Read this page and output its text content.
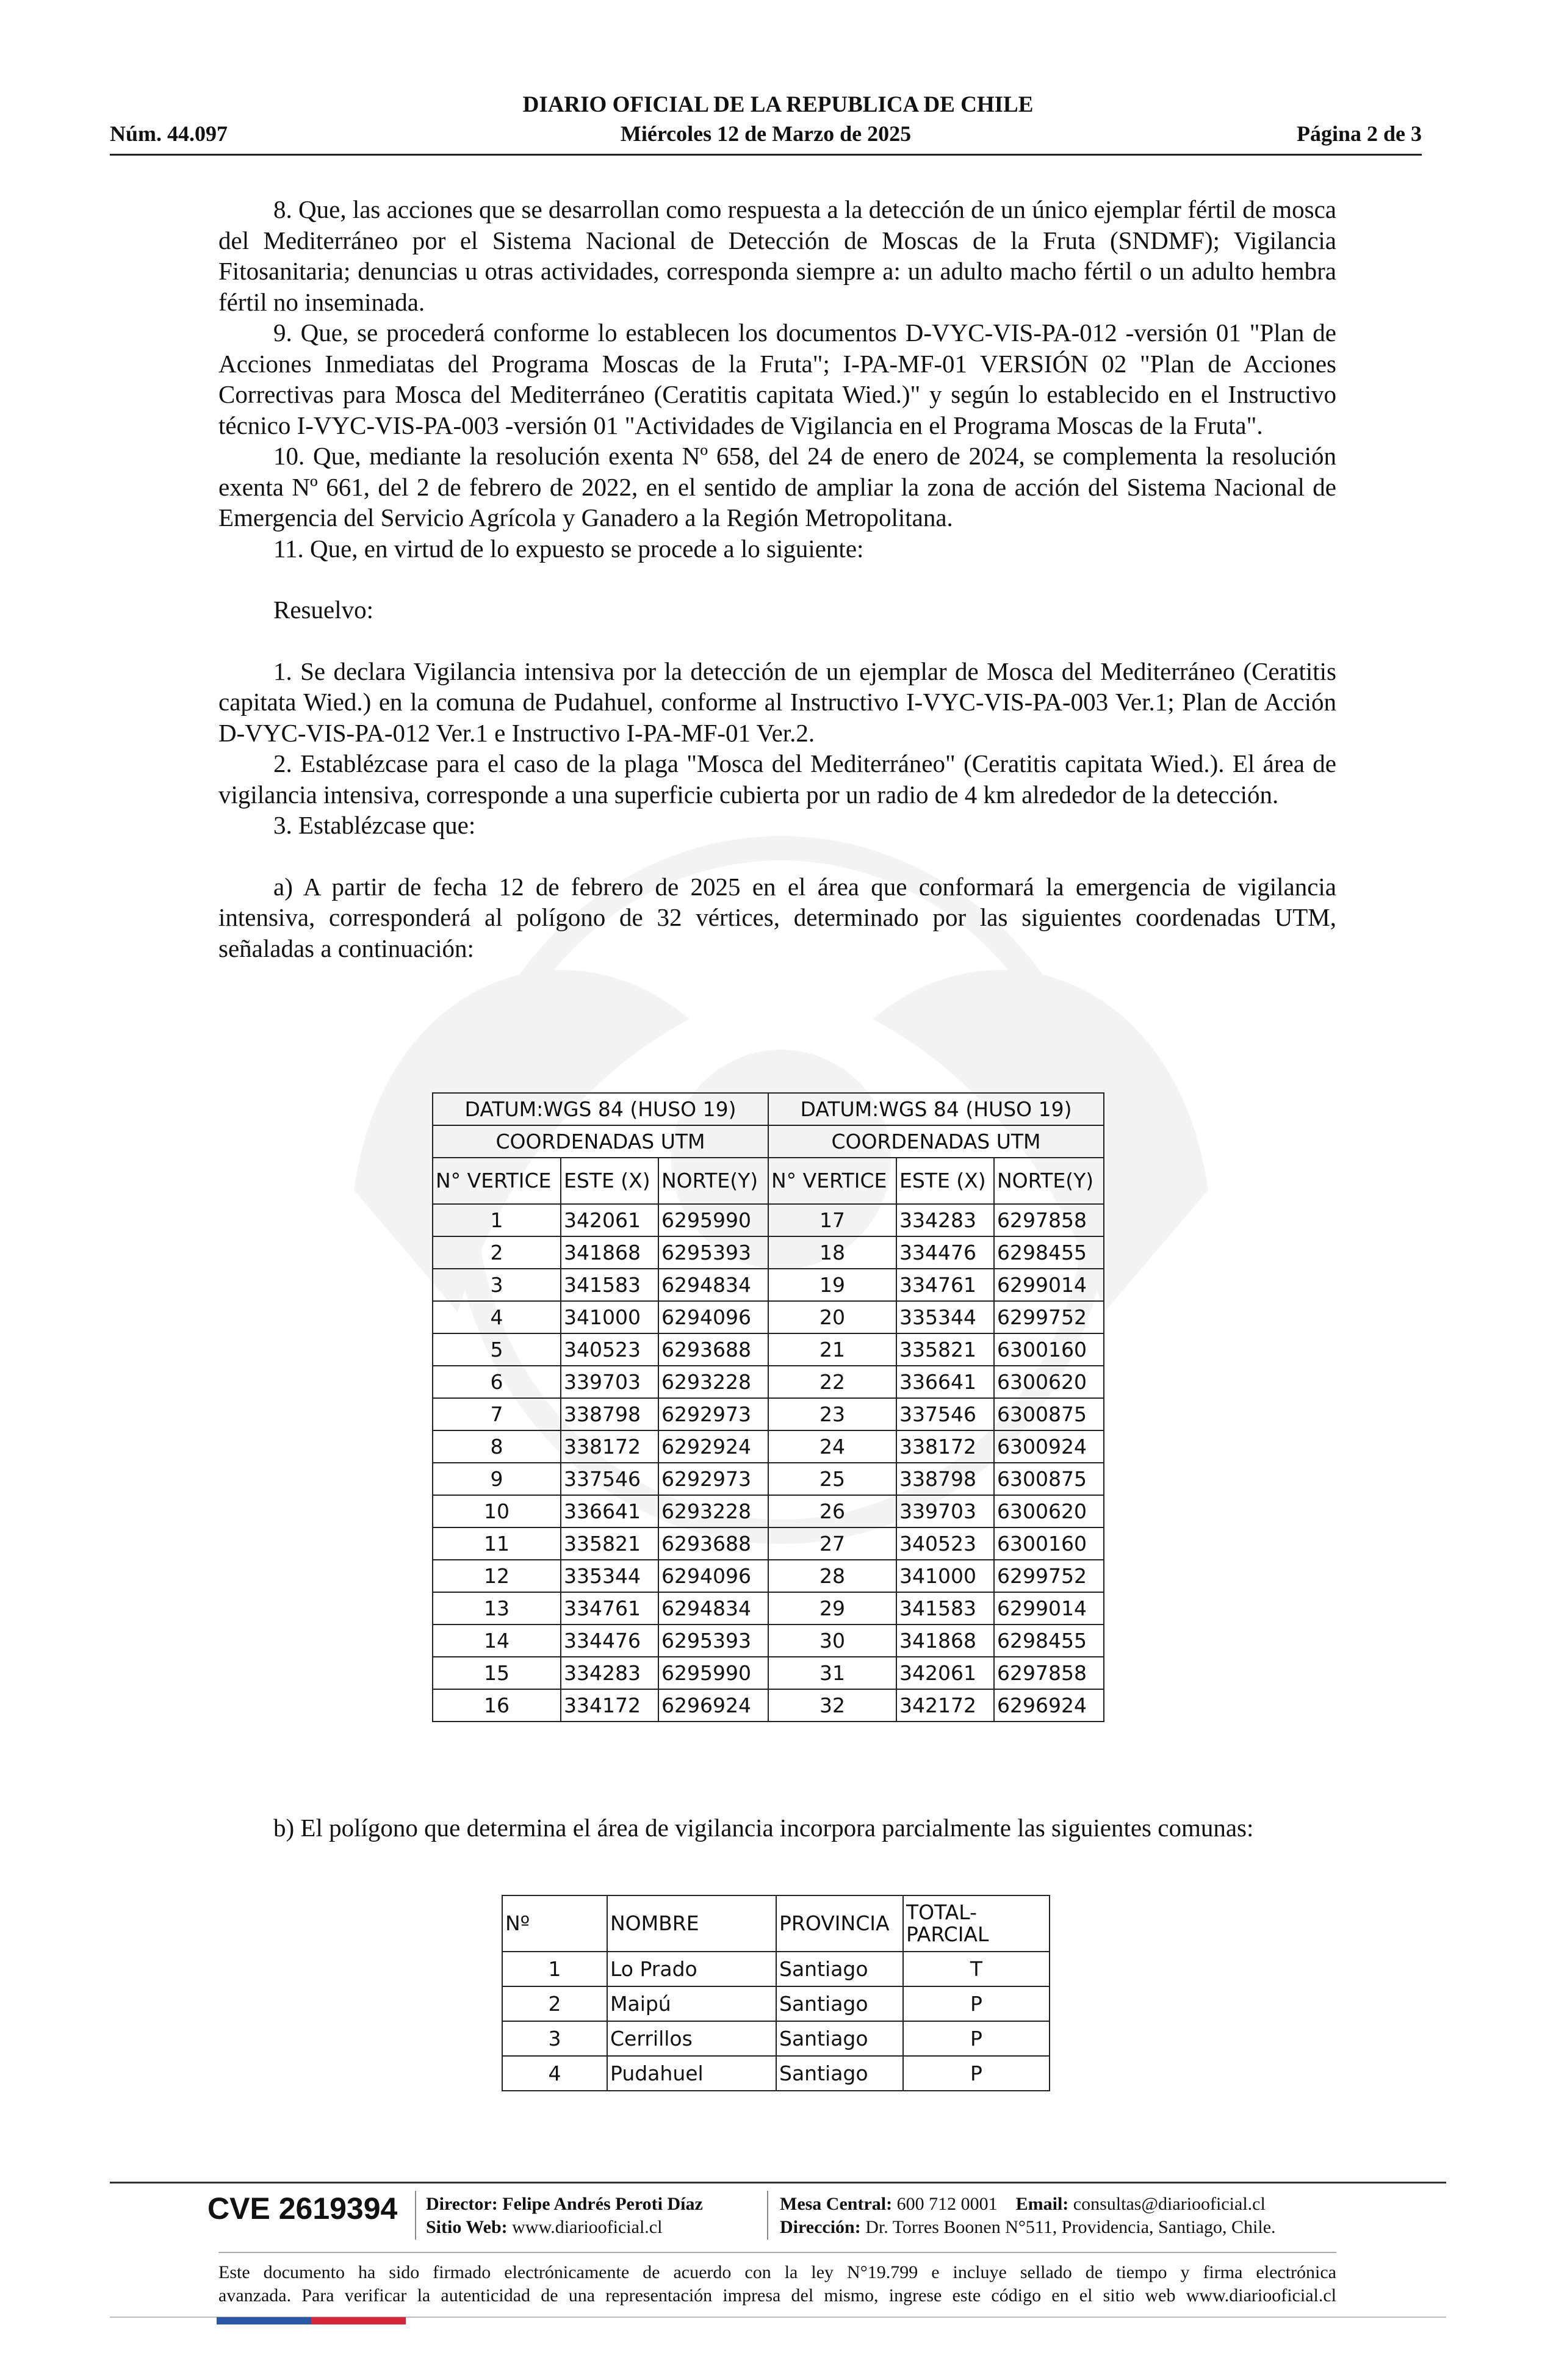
DIARIO OFICIAL DE LA REPUBLICA DE CHILE
Núm. 44.097	Miércoles 12 de Marzo de 2025	Página 2 de 3

8. Que, las acciones que se desarrollan como respuesta a la detección de un único ejemplar fértil de mosca del Mediterráneo por el Sistema Nacional de Detección de Moscas de la Fruta (SNDMF); Vigilancia Fitosanitaria; denuncias u otras actividades, corresponda siempre a: un adulto macho fértil o un adulto hembra fértil no inseminada.

9. Que, se procederá conforme lo establecen los documentos D-VYC-VIS-PA-012 -versión 01 "Plan de Acciones Inmediatas del Programa Moscas de la Fruta"; I-PA-MF-01 VERSIÓN 02 "Plan de Acciones Correctivas para Mosca del Mediterráneo (Ceratitis capitata Wied.)" y según lo establecido en el Instructivo técnico I-VYC-VIS-PA-003 -versión 01 "Actividades de Vigilancia en el Programa Moscas de la Fruta".

10. Que, mediante la resolución exenta Nº 658, del 24 de enero de 2024, se complementa la resolución exenta Nº 661, del 2 de febrero de 2022, en el sentido de ampliar la zona de acción del Sistema Nacional de Emergencia del Servicio Agrícola y Ganadero a la Región Metropolitana.

11. Que, en virtud de lo expuesto se procede a lo siguiente:

Resuelvo:

1. Se declara Vigilancia intensiva por la detección de un ejemplar de Mosca del Mediterráneo (Ceratitis capitata Wied.) en la comuna de Pudahuel, conforme al Instructivo I-VYC-VIS-PA-003 Ver.1; Plan de Acción D-VYC-VIS-PA-012 Ver.1 e Instructivo I-PA-MF-01 Ver.2.

2. Establézcase para el caso de la plaga "Mosca del Mediterráneo" (Ceratitis capitata Wied.). El área de vigilancia intensiva, corresponde a una superficie cubierta por un radio de 4 km alrededor de la detección.

3. Establézcase que:

a) A partir de fecha 12 de febrero de 2025 en el área que conformará la emergencia de vigilancia intensiva, corresponderá al polígono de 32 vértices, determinado por las siguientes coordenadas UTM, señaladas a continuación:

DATUM:WGS 84 (HUSO 19)			DATUM:WGS 84 (HUSO 19)		
COORDENADAS UTM			COORDENADAS UTM		
N° VERTICE	ESTE (X)	NORTE(Y)	N° VERTICE	ESTE (X)	NORTE(Y)
1	342061	6295990	17	334283	6297858
2	341868	6295393	18	334476	6298455
3	341583	6294834	19	334761	6299014
4	341000	6294096	20	335344	6299752
5	340523	6293688	21	335821	6300160
6	339703	6293228	22	336641	6300620
7	338798	6292973	23	337546	6300875
8	338172	6292924	24	338172	6300924
9	337546	6292973	25	338798	6300875
10	336641	6293228	26	339703	6300620
11	335821	6293688	27	340523	6300160
12	335344	6294096	28	341000	6299752
13	334761	6294834	29	341583	6299014
14	334476	6295393	30	341868	6298455
15	334283	6295990	31	342061	6297858
16	334172	6296924	32	342172	6296924

b) El polígono que determina el área de vigilancia incorpora parcialmente las siguientes comunas:

Nº	NOMBRE	PROVINCIA	TOTAL-PARCIAL
1	Lo Prado	Santiago	T
2	Maipú	Santiago	P
3	Cerrillos	Santiago	P
4	Pudahuel	Santiago	P
CVE 2619394 Director: Felipe Andrés Peroti Díaz
Sitio Web: www.diariooficial.cl
Mesa Central: 600 712 0001 Email: consultas@diariooficial.cl
Dirección: Dr. Torres Boonen N°511, Providencia, Santiago, Chile.
Este documento ha sido firmado electrónicamente de acuerdo con la ley N°19.799 e incluye sellado de tiempo y firma electrónica
avanzada. Para verificar la autenticidad de una representación impresa del mismo, ingrese este código en el sitio web www.diariooficial.cl
